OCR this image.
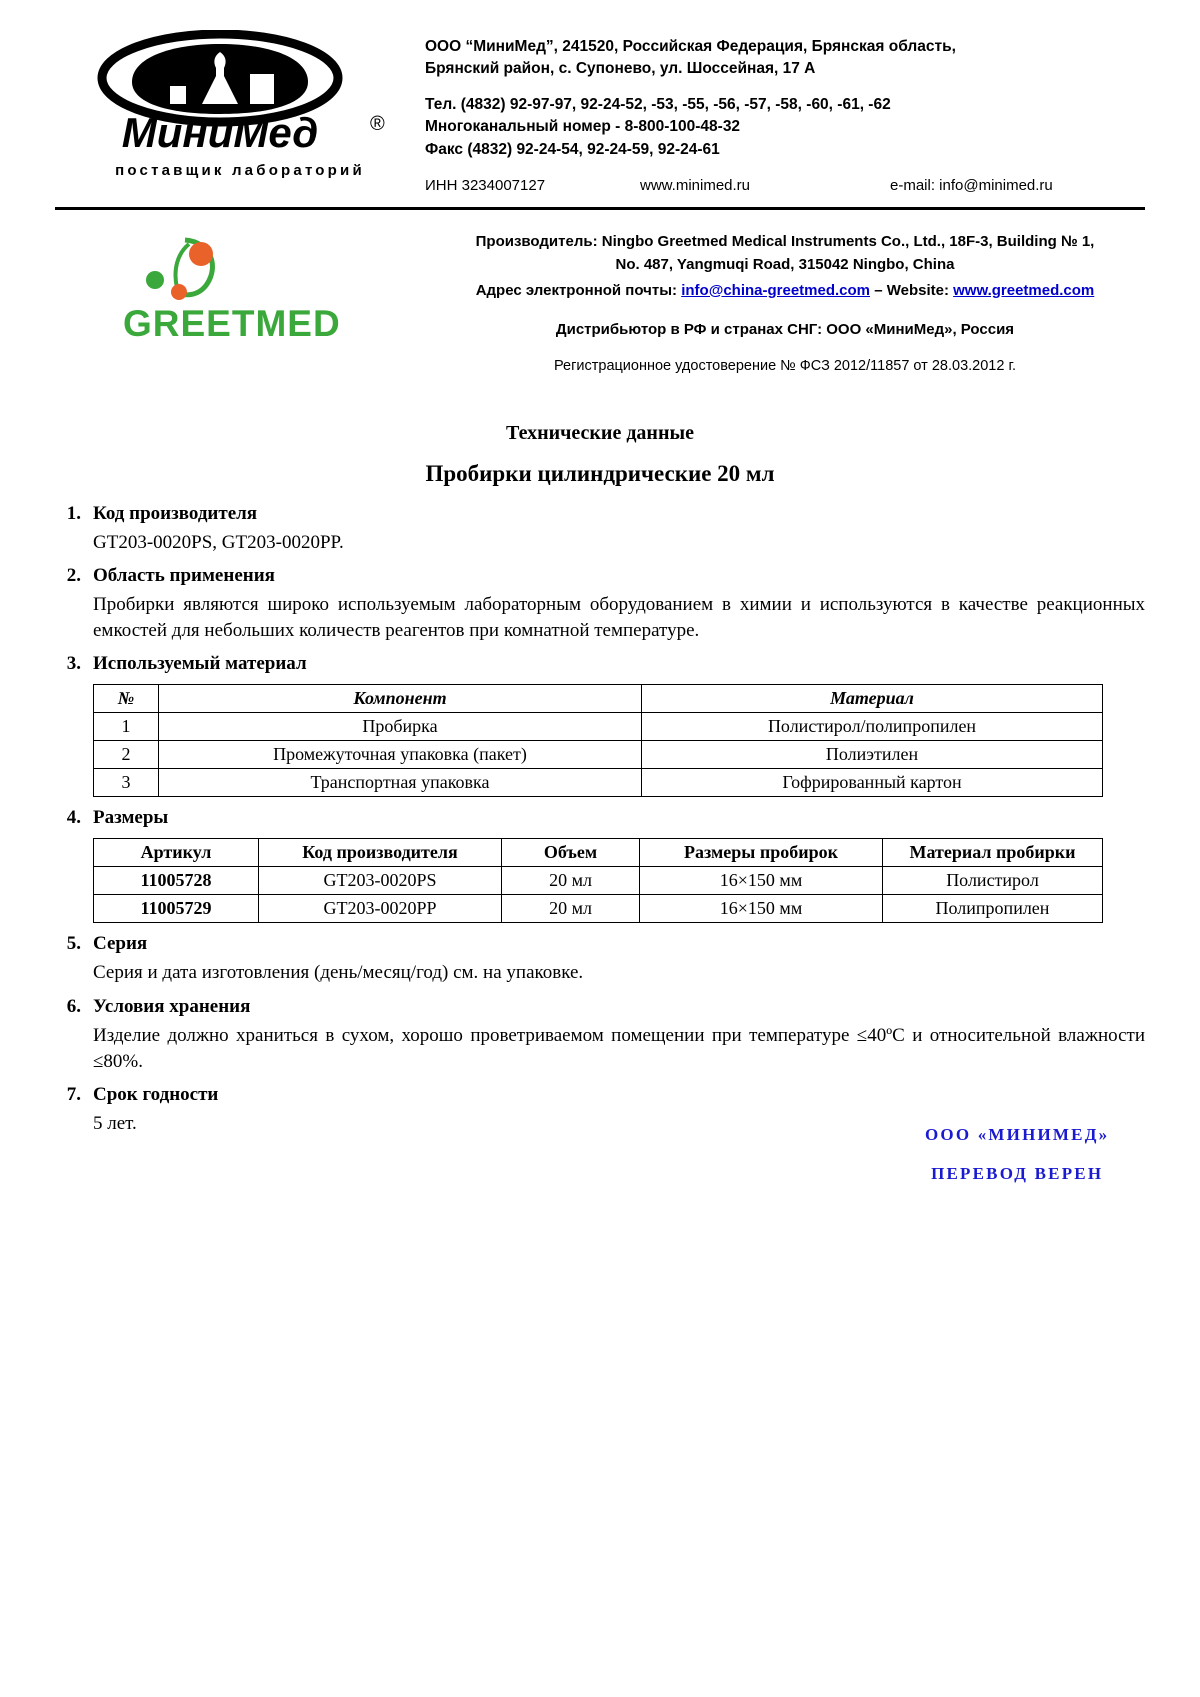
МиниМед	®
поставщик лабораторий
ООО “МиниМед”, 241520, Российская Федерация, Брянская область,
Брянский район, с. Супонево, ул. Шоссейная, 17 А
Тел. (4832) 92-97-97, 92-24-52, -53, -55, -56, -57, -58, -60, -61, -62
Многоканальный номер - 8-800-100-48-32
Факс (4832) 92-24-54, 92-24-59, 92-24-61
ИНН 3234007127	www.minimed.ru	e-mail: info@minimed.ru
GREETMED
Производитель: Ningbo Greetmed Medical Instruments Co., Ltd., 18F-3, Building № 1,
No. 487, Yangmuqi Road, 315042 Ningbo, China
Адрес электронной почты: info@china-greetmed.com – Website: www.greetmed.com
Дистрибьютор в РФ и странах СНГ: ООО «МиниМед», Россия
Регистрационное удостоверение № ФСЗ 2012/11857 от 28.03.2012 г.
Технические данные
Пробирки цилиндрические 20 мл
1. Код производителя
GT203-0020PS, GT203-0020PP.
2. Область применения
Пробирки являются широко используемым лабораторным оборудованием в химии и используются в качестве реакционных емкостей для небольших количеств реагентов при комнатной температуре.
3. Используемый материал
№	Компонент	Материал
1	Пробирка	Полистирол/полипропилен
2	Промежуточная упаковка (пакет)	Полиэтилен
3	Транспортная упаковка	Гофрированный картон
4. Размеры
Артикул	Код производителя	Объем	Размеры пробирок	Материал пробирки
11005728	GT203-0020PS	20 мл	16×150 мм	Полистирол
11005729	GT203-0020PP	20 мл	16×150 мм	Полипропилен
5. Серия
Серия и дата изготовления (день/месяц/год) см. на упаковке.
6. Условия хранения
Изделие должно храниться в сухом, хорошо проветриваемом помещении при температуре ≤40ºС и относительной влажности ≤80%.
7. Срок годности
5 лет.
ООО «МИНИМЕД»
ПЕРЕВОД ВЕРЕН
